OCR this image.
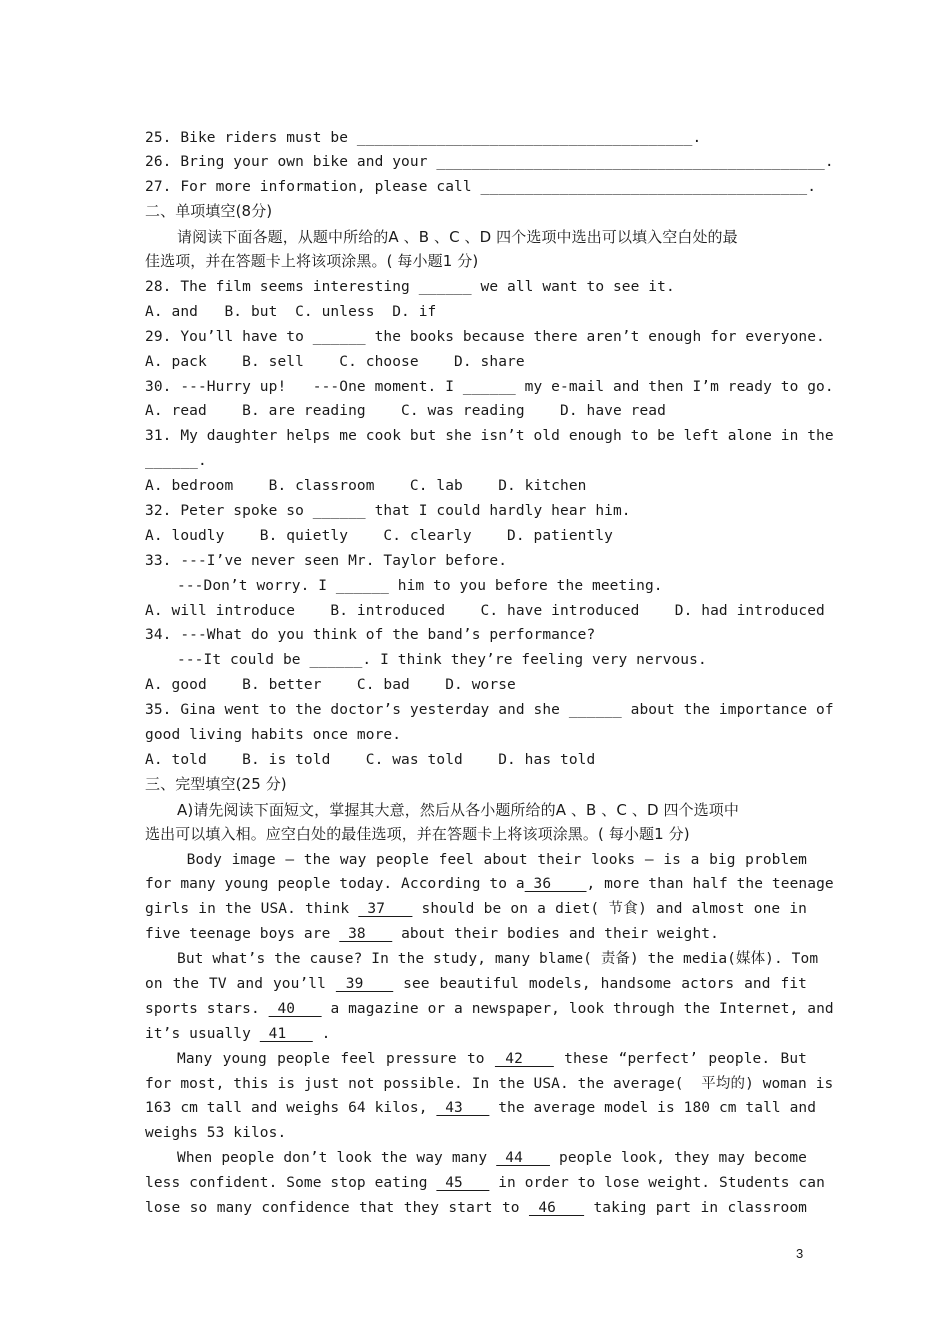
25. Bike riders must be ______________________________________.
26. Bring your own bike and your ____________________________________________.
27. For more information, please call _____________________________________.
二、单项填空(8分)
请阅读下面各题，从题中所给的A 、B 、C 、D 四个选项中选出可以填入空白处的最
佳选项，并在答题卡上将该项涂黑。( 每小题1 分)
28. The film seems interesting ______ we all want to see it.
A. and   B. but  C. unless  D. if
29. You’ll have to ______ the books because there aren’t enough for everyone.
A. pack    B. sell    C. choose    D. share
30. ---Hurry up!   ---One moment. I ______ my e-mail and then I’m ready to go.
A. read    B. are reading    C. was reading    D. have read
31. My daughter helps me cook but she isn’t old enough to be left alone in the
______.
A. bedroom    B. classroom    C. lab    D. kitchen
32. Peter spoke so ______ that I could hardly hear him.
A. loudly    B. quietly    C. clearly    D. patiently
33. ---I’ve never seen Mr. Taylor before.
---Don’t worry. I ______ him to you before the meeting.
A. will introduce    B. introduced    C. have introduced    D. had introduced
34. ---What do you think of the band’s performance?
---It could be ______. I think they’re feeling very nervous.
A. good    B. better    C. bad    D. worse
35. Gina went to the doctor’s yesterday and she ______ about the importance of
good living habits once more.
A. told    B. is told    C. was told    D. has told
三、完型填空(25 分)
A)请先阅读下面短文，掌握其大意，然后从各小题所给的A 、B 、C 、D 四个选项中
选出可以填入相。应空白处的最佳选项，并在答题卡上将该项涂黑。( 每小题1 分)
Body image – the way people feel about their looks – is a big problem
for many young people today. According to a 36    , more than half the teenage
girls in the USA. think  37    should be on a diet( 节食) and almost one in
five teenage boys are  38    about their bodies and their weight.
But what’s the cause? In the study, many blame( 责备) the media(媒体). Tom
on the TV and you’ll  39    see beautiful models, handsome actors and fit
sports stars.  40    a magazine or a newspaper, look through the Internet, and
it’s usually  41    .
Many young people feel pressure to  42    these “perfect’ people. But
for most, this is just not possible. In the USA. the average(  平均的) woman is
163 cm tall and weighs 64 kilos,  43    the average model is 180 cm tall and
weighs 53 kilos.
When people don’t look the way many  44    people look, they may become
less confident. Some stop eating  45    in order to lose weight. Students can
lose so many confidence that they start to  46    taking part in classroom
3
